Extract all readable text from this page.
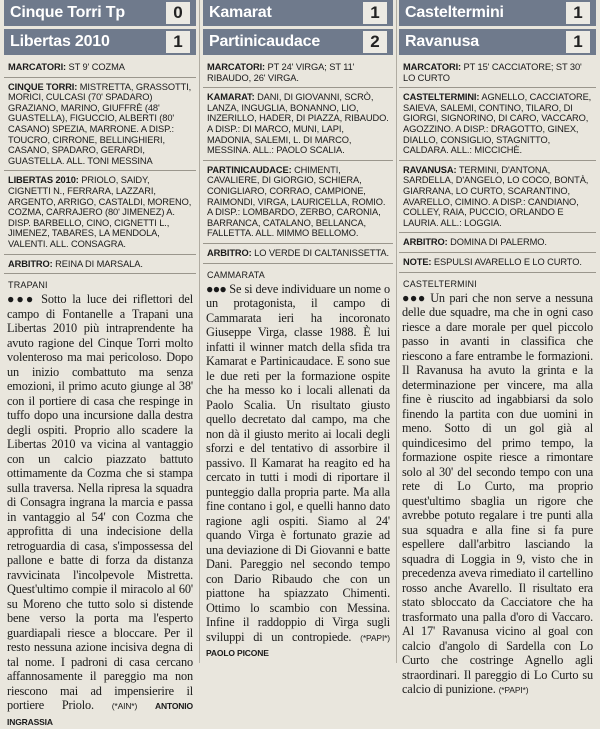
Cinque Torri Tp	0
Libertas 2010	1
MARCATORI: ST 9' COZMA
CINQUE TORRI: MISTRETTA, GRASSOTTI, MORICI, CULCASI (70' SPADARO) GRAZIANO, MARINO, GIUFFRÈ (48' GUASTELLA), FIGUCCIO, ALBERTI (80' CASANO) SPEZIA, MARRONE. A DISP.: TOUCRO, CIRRONE, BELLINGHIERI, CASANO, SPADARO, GERARDI, GUASTELLA. ALL. TONI MESSINA
LIBERTAS 2010: PRIOLO, SAIDY, CIGNETTI N., FERRARA, LAZZARI, ARGENTO, ARRIGO, CASTALDI, MORENO, COZMA, CARRAJERO (80' JIMENEZ) A. DISP. BARBELLO, CINO, CIGNETTI L., JIMENEZ, TABARES, LA MENDOLA, VALENTI. ALL. CONSAGRA.
ARBITRO: REINA DI MARSALA.
TRAPANI
●●● Sotto la luce dei riflettori del campo di Fontanelle a Trapani una Libertas 2010 più intraprendente ha avuto ragione del Cinque Torri molto volenteroso ma mai pericoloso. Dopo un inizio combattuto ma senza emozioni, il primo acuto giunge al 38' con il portiere di casa che respinge in tuffo dopo una incursione dalla destra degli ospiti. Proprio allo scadere la Libertas 2010 va vicina al vantaggio con un calcio piazzato battuto ottimamente da Cozma che si stampa sulla traversa. Nella ripresa la squadra di Consagra ingrana la marcia e passa in vantaggio al 54' con Cozma che approfitta di una indecisione della retroguardia di casa, s'impossessa del pallone e batte di forza da distanza ravvicinata l'incolpevole Mistretta. Quest'ultimo compie il miracolo al 60' su Moreno che tutto solo si distende bene verso la porta ma l'esperto guardiapali riesce a bloccare. Per il resto nessuna azione incisiva degna di tal nome. I padroni di casa cercano affannosamente il pareggio ma non riescono mai ad impensierire il portiere Priolo. (*AIN*) ANTONIO INGRASSIA
Kamarat	1
Partinicaudace	2
MARCATORI: PT 24' VIRGA; ST 11' RIBAUDO, 26' VIRGA.
KAMARAT: DANI, DI GIOVANNI, SCRÒ, LANZA, INGUGLIA, BONANNO, LIO, INZERILLO, HADER, DI PIAZZA, RIBAUDO. A DISP.: DI MARCO, MUNI, LAPI, MADONIA, SALEMI, L. DI MARCO, MESSINA. ALL.: PAOLO SCALIA.
PARTINICAUDACE: CHIMENTI, CAVALIERE, DI GIORGIO, SCHIERA, CONIGLIARO, CORRAO, CAMPIONE, RAIMONDI, VIRGA, LAURICELLA, ROMIO. A DISP.: LOMBARDO, ZERBO, CARONIA, BARRANCA, CATALANO, BELLANCA, FALLETTA. ALL. MIMMO BELLOMO.
ARBITRO: LO VERDE DI CALTANISSETTA.
CAMMARATA
●●● Se si deve individuare un nome o un protagonista, il campo di Cammarata ieri ha incoronato Giuseppe Virga, classe 1988. È lui infatti il winner match della sfida tra Kamarat e Partinicaudace. E sono sue le due reti per la formazione ospite che ha messo ko i locali allenati da Paolo Scalia. Un risultato giusto quello decretato dal campo, ma che non dà il giusto merito ai locali degli sforzi e del tentativo di assorbire il passivo. Il Kamarat ha reagito ed ha cercato in tutti i modi di riportare il punteggio dalla propria parte. Ma alla fine contano i gol, e quelli hanno dato ragione agli ospiti. Siamo al 24' quando Virga è fortunato grazie ad una deviazione di Di Giovanni e batte Dani. Pareggio nel secondo tempo con Dario Ribaudo che con un piattone ha spiazzato Chimenti. Ottimo lo scambio con Messina. Infine il raddoppio di Virga sugli sviluppi di un contropiede. (*PAPI*) PAOLO PICONE
Casteltermini	1
Ravanusa	1
MARCATORI: PT 15' CACCIATORE; ST 30' LO CURTO
CASTELTERMINI: AGNELLO, CACCIATORE, SAIEVA, SALEMI, CONTINO, TILARO, DI GIORGI, SIGNORINO, DI CARO, VACCARO, AGOZZINO. A DISP.: DRAGOTTO, GINEX, DIALLO, CONSIGLIO, STAGNITTO, CALDARA. ALL.: MICCICHÈ.
RAVANUSA: TERMINI, D'ANTONA, SARDELLA, D'ANGELO, LO COCO, BONTÀ, GIARRANA, LO CURTO, SCARANTINO, AVARELLO, CIMINO. A DISP.: CANDIANO, COLLEY, RAIA, PUCCIO, ORLANDO E LAURIA. ALL.: LOGGIA.
ARBITRO: DOMINA DI PALERMO.
NOTE: ESPULSI AVARELLO E LO CURTO.
CASTELTERMINI
●●● Un pari che non serve a nessuna delle due squadre, ma che in ogni caso riesce a dare morale per quel piccolo passo in avanti in classifica che riescono a fare entrambe le formazioni. Il Ravanusa ha avuto la grinta e la determinazione per vincere, ma alla fine è riuscito ad ingabbiarsi da solo finendo la partita con due uomini in meno. Sotto di un gol già al quindicesimo del primo tempo, la formazione ospite riesce a rimontare solo al 30' del secondo tempo con una rete di Lo Curto, ma proprio quest'ultimo sbaglia un rigore che avrebbe potuto regalare i tre punti alla sua squadra e alla fine si fa pure espellere dall'arbitro lasciando la squadra di Loggia in 9, visto che in precedenza aveva rimediato il cartellino rosso anche Avarello. Il risultato era stato sbloccato da Cacciatore che ha trasformato una palla d'oro di Vaccaro. Al 17' Ravanusa vicino al goal con calcio d'angolo di Sardella con Lo Curto che costringe Agnello agli straordinari. Il pareggio di Lo Curto su calcio di punizione. (*PAPI*)
